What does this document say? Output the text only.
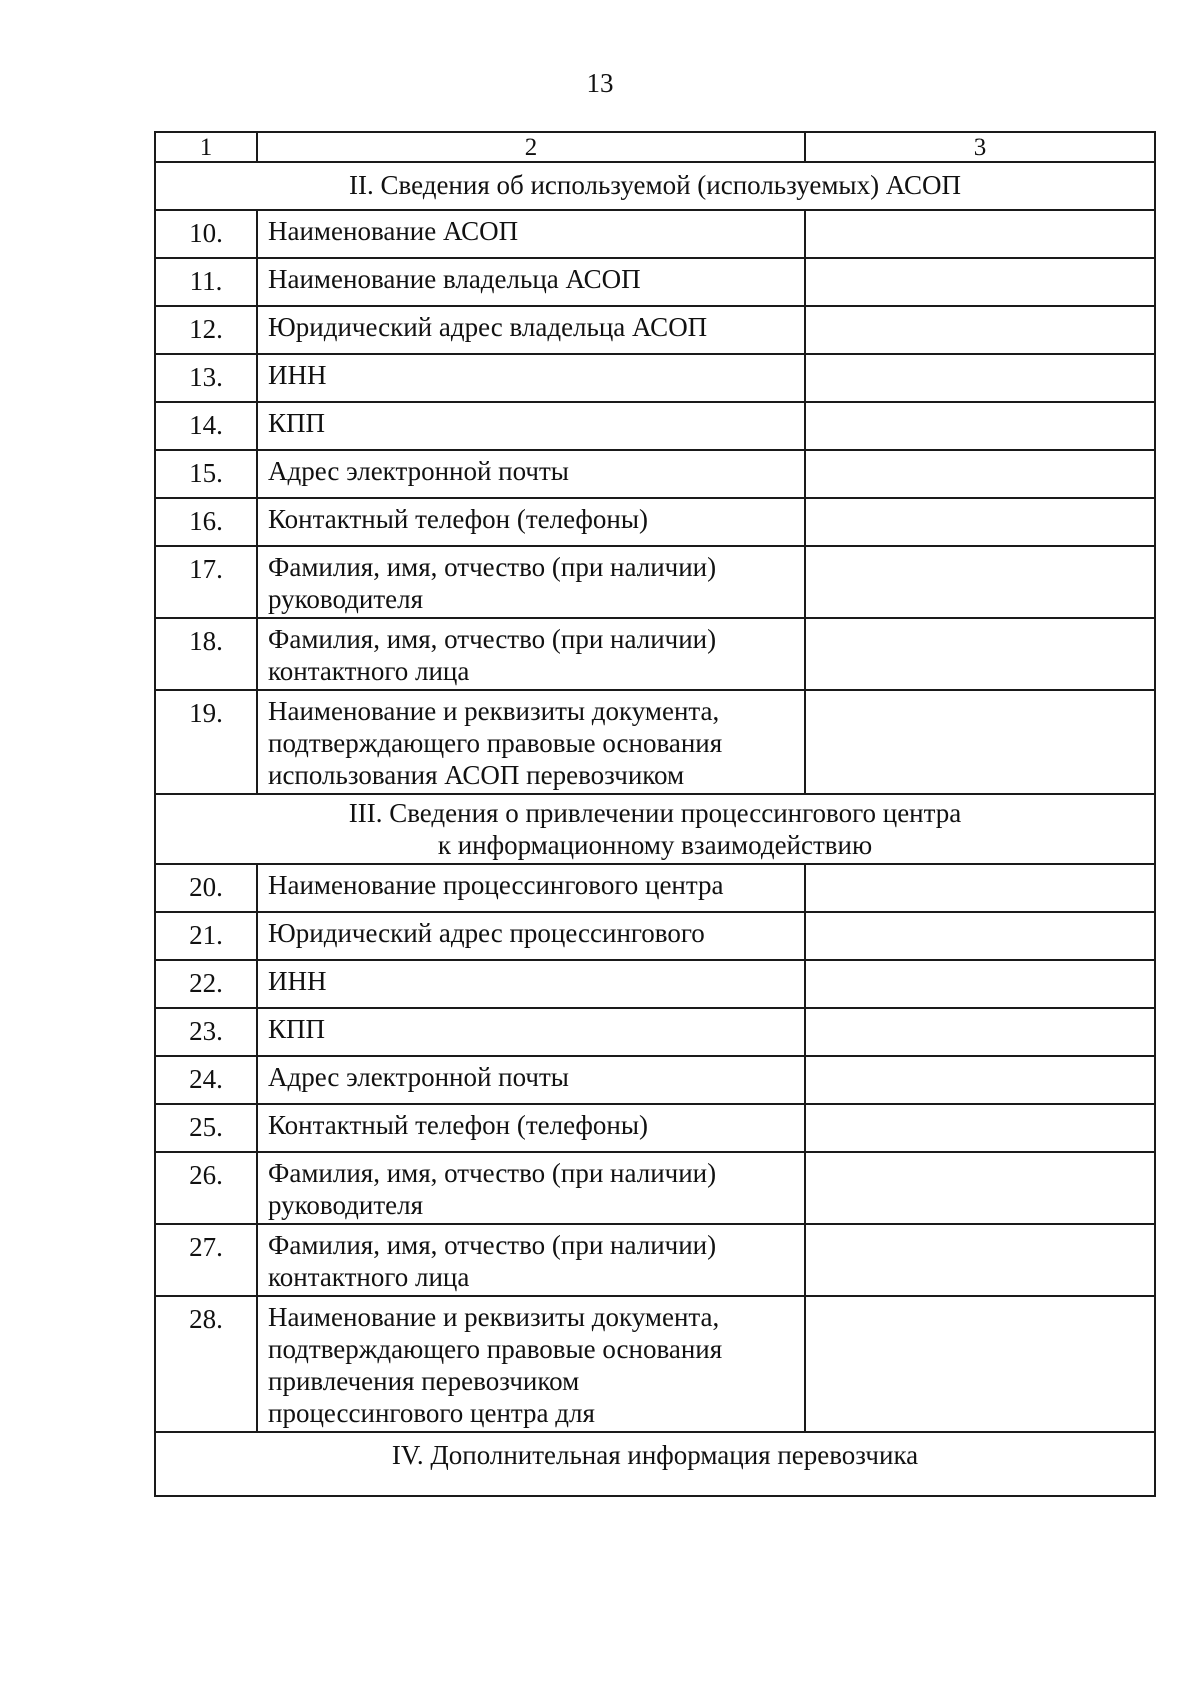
13
1	2	3
II. Сведения об используемой (используемых) АСОП		
10.	Наименование АСОП	
11.	Наименование владельца АСОП	
12.	Юридический адрес владельца АСОП	
13.	ИНН	
14.	КПП	
15.	Адрес электронной почты	
16.	Контактный телефон (телефоны)	
17.	Фамилия, имя, отчество (при наличии)
руководителя	
18.	Фамилия, имя, отчество (при наличии)
контактного лица	
19.	Наименование и реквизиты документа,
подтверждающего правовые основания
использования АСОП перевозчиком	
III. Сведения о привлечении процессингового центра
к информационному взаимодействию		
20.	Наименование процессингового центра	
21.	Юридический адрес процессингового	
22.	ИНН	
23.	КПП	
24.	Адрес электронной почты	
25.	Контактный телефон (телефоны)	
26.	Фамилия, имя, отчество (при наличии)
руководителя	
27.	Фамилия, имя, отчество (при наличии)
контактного лица	
28.	Наименование и реквизиты документа,
подтверждающего правовые основания
привлечения перевозчиком
процессингового центра для	
IV. Дополнительная информация перевозчика		
